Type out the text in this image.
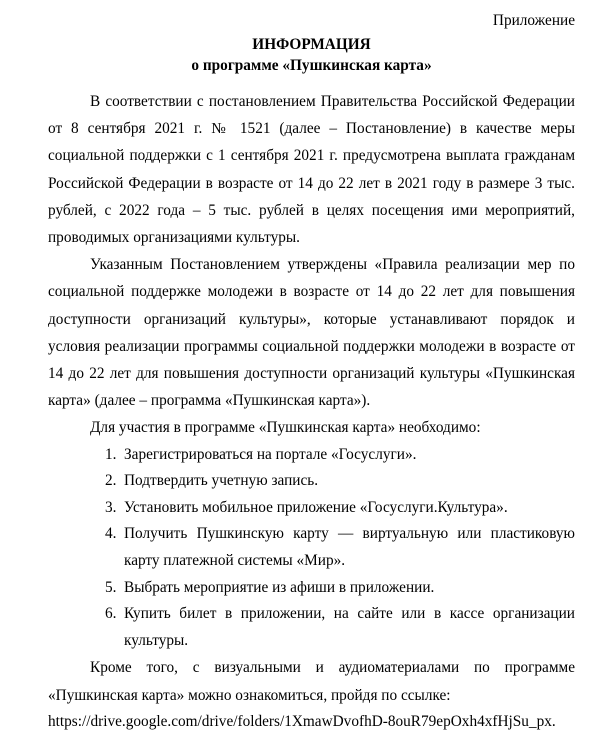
Приложение
ИНФОРМАЦИЯ
о программе «Пушкинская карта»

В соответствии с постановлением Правительства Российской Федерации от 8 сентября 2021 г. № 1521 (далее – Постановление) в качестве меры социальной поддержки с 1 сентября 2021 г. предусмотрена выплата гражданам Российской Федерации в возрасте от 14 до 22 лет в 2021 году в размере 3 тыс. рублей, с 2022 года – 5 тыс. рублей в целях посещения ими мероприятий, проводимых организациями культуры.

Указанным Постановлением утверждены «Правила реализации мер по социальной поддержке молодежи в возрасте от 14 до 22 лет для повышения доступности организаций культуры», которые устанавливают порядок и условия реализации программы социальной поддержки молодежи в возрасте от 14 до 22 лет для повышения доступности организаций культуры «Пушкинская карта» (далее – программа «Пушкинская карта»).

Для участия в программе «Пушкинская карта» необходимо:

1. Зарегистрироваться на портале «Госуслуги».
2. Подтвердить учетную запись.
3. Установить мобильное приложение «Госуслуги.Культура».
4. Получить Пушкинскую карту — виртуальную или пластиковую карту платежной системы «Мир».
5. Выбрать мероприятие из афиши в приложении.
6. Купить билет в приложении, на сайте или в кассе организации культуры.

Кроме того, с визуальными и аудиоматериалами по программе «Пушкинская карта» можно ознакомиться, пройдя по ссылке:

https://drive.google.com/drive/folders/1XmawDvofhD-8ouR79epOxh4xfHjSu_px.
